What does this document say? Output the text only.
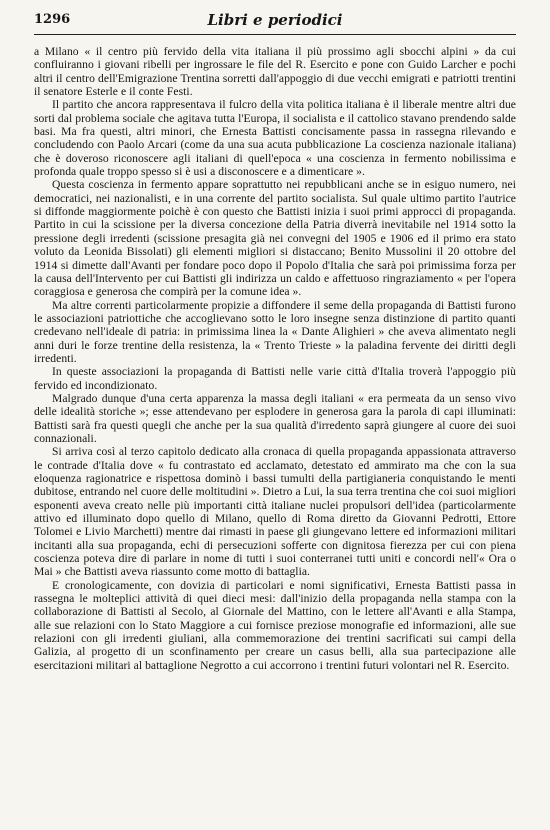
1296	Libri e periodici

a Milano « il centro più fervido della vita italiana il più prossimo agli sbocchi alpini » da cui confluiranno i giovani ribelli per ingrossare le file del R. Esercito e pone con Guido Larcher e pochi altri il centro dell'Emigrazione Trentina sorretti dall'appoggio di due vecchi emigrati e patriotti trentini il senatore Esterle e il conte Festi.

Il partito che ancora rappresentava il fulcro della vita politica italiana è il liberale mentre altri due sorti dal problema sociale che agitava tutta l'Europa, il socialista e il cattolico stavano prendendo salde basi. Ma fra questi, altri minori, che Ernesta Battisti concisamente passa in rassegna rilevando e concludendo con Paolo Arcari (come da una sua acuta pubblicazione La coscienza nazionale italiana) che è doveroso riconoscere agli italiani di quell'epoca « una coscienza in fermento nobilissima e profonda quale troppo spesso si è usi a disconoscere e a dimenticare ».

Questa coscienza in fermento appare soprattutto nei repubblicani anche se in esiguo numero, nei democratici, nei nazionalisti, e in una corrente del partito socialista. Sul quale ultimo partito l'autrice si diffonde maggiormente poichè è con questo che Battisti inizia i suoi primi approcci di propaganda. Partito in cui la scissione per la diversa concezione della Patria diverrà inevitabile nel 1914 sotto la pressione degli irredenti (scissione presagita già nei convegni del 1905 e 1906 ed il primo era stato voluto da Leonida Bissolati) gli elementi migliori si distaccano; Benito Mussolini il 20 ottobre del 1914 si dimette dall'Avanti per fondare poco dopo il Popolo d'Italia che sarà poi primissima forza per la causa dell'Intervento per cui Battisti gli indirizza un caldo e affettuoso ringraziamento « per l'opera coraggiosa e generosa che compirà per la comune idea ».

Ma altre correnti particolarmente propizie a diffondere il seme della propaganda di Battisti furono le associazioni patriottiche che accoglievano sotto le loro insegne senza distinzione di partito quanti credevano nell'ideale di patria: in primissima linea la « Dante Alighieri » che aveva alimentato negli anni duri le forze trentine della resistenza, la « Trento Trieste » la paladina fervente dei diritti degli irredenti.

In queste associazioni la propaganda di Battisti nelle varie città d'Italia troverà l'appoggio più fervido ed incondizionato.

Malgrado dunque d'una certa apparenza la massa degli italiani « era permeata da un senso vivo delle idealità storiche »; esse attendevano per esplodere in generosa gara la parola di capi illuminati: Battisti sarà fra questi quegli che anche per la sua qualità d'irredento saprà giungere al cuore dei suoi connazionali.

Si arriva così al terzo capitolo dedicato alla cronaca di quella propaganda appassionata attraverso le contrade d'Italia dove « fu contrastato ed acclamato, detestato ed ammirato ma che con la sua eloquenza ragionatrice e rispettosa dominò i bassi tumulti della partigianeria conquistando le menti dubitose, entrando nel cuore delle moltitudini ». Dietro a Lui, la sua terra trentina che coi suoi migliori esponenti aveva creato nelle più importanti città italiane nuclei propulsori dell'idea (particolarmente attivo ed illuminato dopo quello di Milano, quello di Roma diretto da Giovanni Pedrotti, Ettore Tolomei e Livio Marchetti) mentre dai rimasti in paese gli giungevano lettere ed informazioni militari incitanti alla sua propaganda, echi di persecuzioni sofferte con dignitosa fierezza per cui con piena coscienza poteva dire di parlare in nome di tutti i suoi conterranei tutti uniti e concordi nell'« Ora o Mai » che Battisti aveva riassunto come motto di battaglia.

E cronologicamente, con dovizia di particolari e nomi significativi, Ernesta Battisti passa in rassegna le molteplici attività di quei dieci mesi: dall'inizio della propaganda nella stampa con la collaborazione di Battisti al Secolo, al Giornale del Mattino, con le lettere all'Avanti e alla Stampa, alle sue relazioni con lo Stato Maggiore a cui fornisce preziose monografie ed informazioni, alle sue relazioni con gli irredenti giuliani, alla commemorazione dei trentini sacrificati sui campi della Galizia, al progetto di un sconfinamento per creare un casus belli, alla sua partecipazione alle esercitazioni militari al battaglione Negrotto a cui accorrono i trentini futuri volontari nel R. Esercito.
